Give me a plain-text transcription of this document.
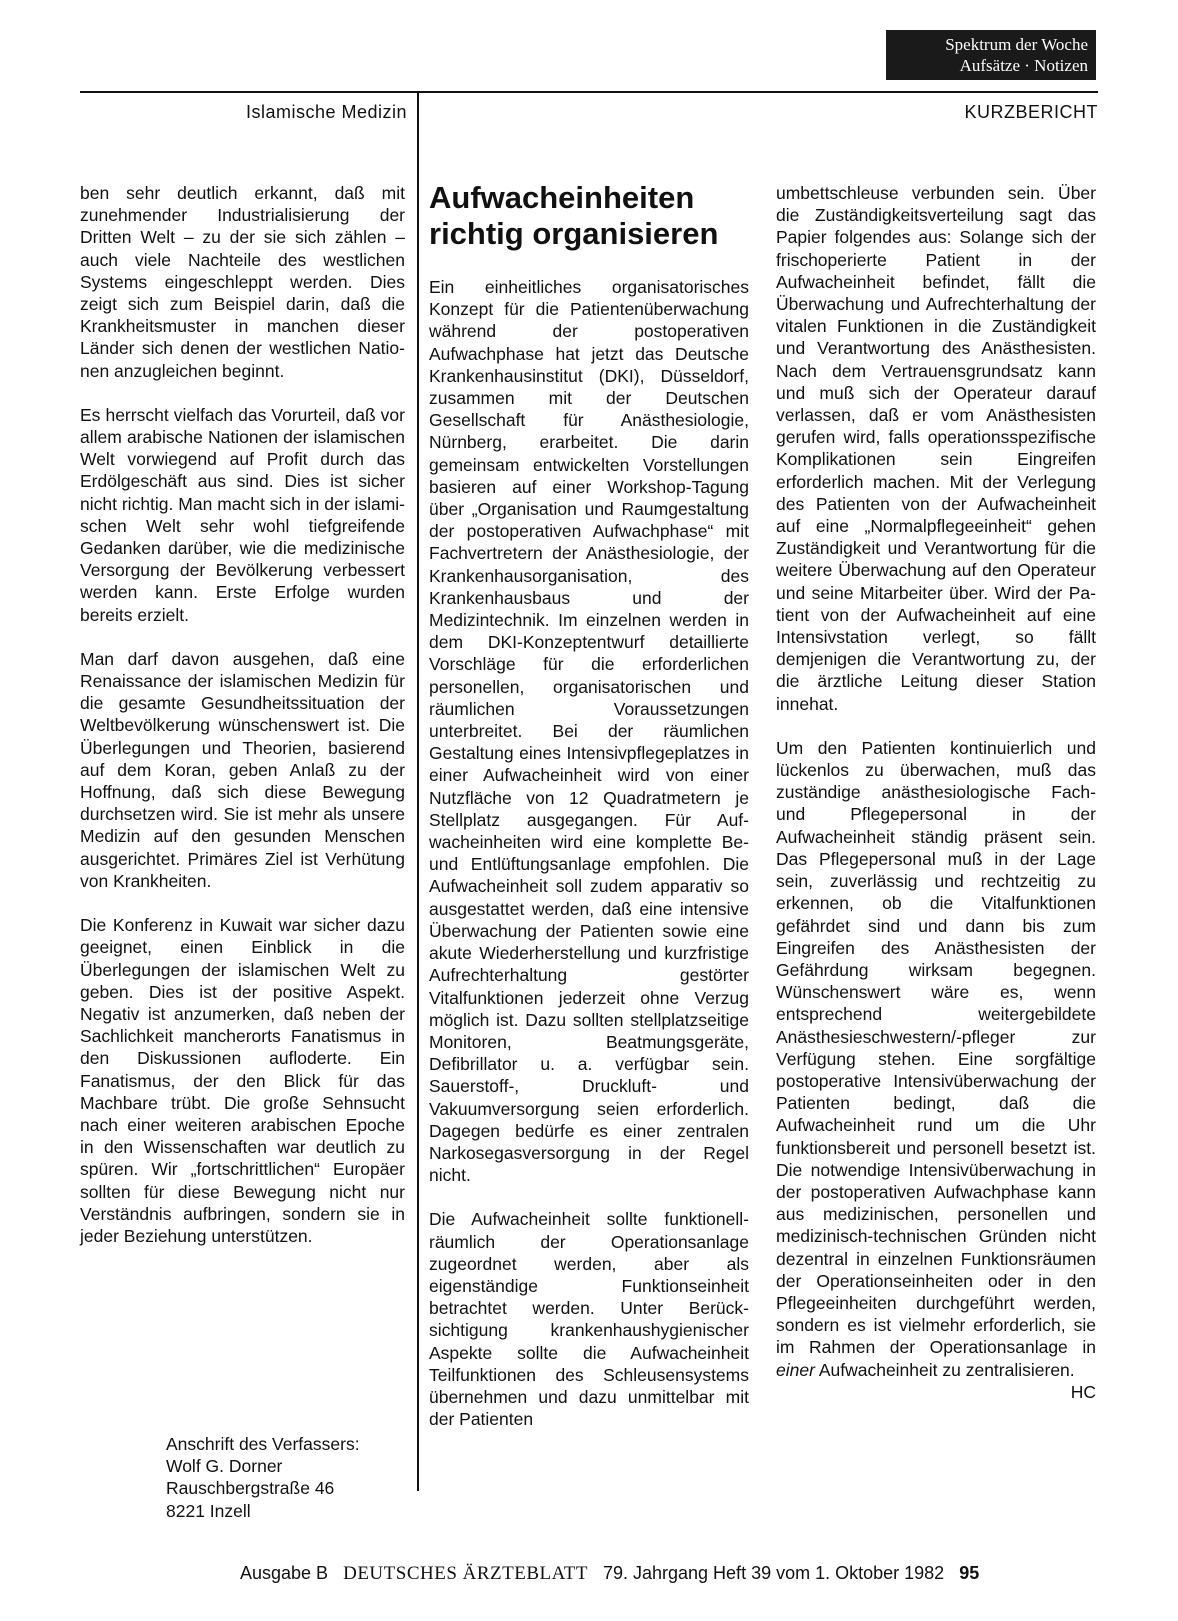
Spektrum der Woche
Aufsätze · Notizen
Islamische Medizin	KURZBERICHT

ben sehr deutlich erkannt, daß mit zunehmender Industrialisierung der Dritten Welt – zu der sie sich zählen – auch viele Nachteile des westlichen Systems eingeschleppt werden. Dies zeigt sich zum Beispiel darin, daß die Krankheitsmuster in manchen dieser Länder sich denen der westlichen Nationen anzugleichen beginnt.

Es herrscht vielfach das Vorurteil, daß vor allem arabische Nationen der islamischen Welt vorwiegend auf Profit durch das Erdölgeschäft aus sind. Dies ist sicher nicht richtig. Man macht sich in der islamischen Welt sehr wohl tiefgreifende Gedanken darüber, wie die medizinische Versorgung der Bevölkerung verbessert werden kann. Erste Erfolge wurden bereits erzielt.

Man darf davon ausgehen, daß eine Renaissance der islamischen Medizin für die gesamte Gesundheitssituation der Weltbevölkerung wünschenswert ist. Die Überlegungen und Theorien, basierend auf dem Koran, geben Anlaß zu der Hoffnung, daß sich diese Bewegung durchsetzen wird. Sie ist mehr als unsere Medizin auf den gesunden Menschen ausgerichtet. Primäres Ziel ist Verhütung von Krankheiten.

Die Konferenz in Kuwait war sicher dazu geeignet, einen Einblick in die Überlegungen der islamischen Welt zu geben. Dies ist der positive Aspekt. Negativ ist anzumerken, daß neben der Sachlichkeit mancherorts Fanatismus in den Diskussionen aufloderte. Ein Fanatismus, der den Blick für das Machbare trübt. Die große Sehnsucht nach einer weiteren arabischen Epoche in den Wissenschaften war deutlich zu spüren. Wir „fortschrittlichen“ Europäer sollten für diese Bewegung nicht nur Verständnis aufbringen, sondern sie in jeder Beziehung unterstützen.

Anschrift des Verfassers:
Wolf G. Dorner
Rauschbergstraße 46
8221 Inzell
Aufwacheinheiten richtig organisieren

Ein einheitliches organisatorisches Konzept für die Patientenüberwachung während der postoperativen Aufwachphase hat jetzt das Deutsche Krankenhausinstitut (DKI), Düsseldorf, zusammen mit der Deutschen Gesellschaft für Anästhesiologie, Nürnberg, erarbeitet. Die darin gemeinsam entwickelten Vorstellungen basieren auf einer Workshop-Tagung über „Organisation und Raumgestaltung der postoperativen Aufwachphase“ mit Fachvertretern der Anästhesiologie, der Krankenhausorganisation, des Krankenhausbaus und der Medizintechnik. Im einzelnen werden in dem DKI-Konzeptentwurf detaillierte Vorschläge für die erforderlichen personellen, organisatorischen und räumlichen Voraussetzungen unterbreitet. Bei der räumlichen Gestaltung eines Intensivpflegeplatzes in einer Aufwacheinheit wird von einer Nutzfläche von 12 Quadratmetern je Stellplatz ausgegangen. Für Aufwacheinheiten wird eine komplette Be- und Entlüftungsanlage empfohlen. Die Aufwacheinheit soll zudem apparativ so ausgestattet werden, daß eine intensive Überwachung der Patienten sowie eine akute Wiederherstellung und kurzfristige Aufrechterhaltung gestörter Vitalfunktionen jederzeit ohne Verzug möglich ist. Dazu sollten stellplatzseitige Monitoren, Beatmungsgeräte, Defibrillator u. a. verfügbar sein. Sauerstoff-, Druckluft- und Vakuumversorgung seien erforderlich. Dagegen bedürfe es einer zentralen Narkosegasversorgung in der Regel nicht.

Die Aufwacheinheit sollte funktionell-räumlich der Operationsanlage zugeordnet werden, aber als eigenständige Funktionseinheit betrachtet werden. Unter Berücksichtigung krankenhaushygienischer Aspekte sollte die Aufwacheinheit Teilfunktionen des Schleusensystems übernehmen und dazu unmittelbar mit der Patienten

umbettschleuse verbunden sein. Über die Zuständigkeitsverteilung sagt das Papier folgendes aus: Solange sich der frischoperierte Patient in der Aufwacheinheit befindet, fällt die Überwachung und Aufrechterhaltung der vitalen Funktionen in die Zuständigkeit und Verantwortung des Anästhesisten. Nach dem Vertrauensgrundsatz kann und muß sich der Operateur darauf verlassen, daß er vom Anästhesisten gerufen wird, falls operationsspezifische Komplikationen sein Eingreifen erforderlich machen. Mit der Verlegung des Patienten von der Aufwacheinheit auf eine „Normalpflegeeinheit“ gehen Zuständigkeit und Verantwortung für die weitere Überwachung auf den Operateur und seine Mitarbeiter über. Wird der Patient von der Aufwacheinheit auf eine Intensivstation verlegt, so fällt demjenigen die Verantwortung zu, der die ärztliche Leitung dieser Station innehat.

Um den Patienten kontinuierlich und lückenlos zu überwachen, muß das zuständige anästhesiologische Fach- und Pflegepersonal in der Aufwacheinheit ständig präsent sein. Das Pflegepersonal muß in der Lage sein, zuverlässig und rechtzeitig zu erkennen, ob die Vitalfunktionen gefährdet sind und dann bis zum Eingreifen des Anästhesisten der Gefährdung wirksam begegnen. Wünschenswert wäre es, wenn entsprechend weitergebildete Anästhesieschwestern/-pfleger zur Verfügung stehen. Eine sorgfältige postoperative Intensivüberwachung der Patienten bedingt, daß die Aufwacheinheit rund um die Uhr funktionsbereit und personell besetzt ist. Die notwendige Intensivüberwachung in der postoperativen Aufwachphase kann aus medizinischen, personellen und medizinisch-technischen Gründen nicht dezentral in einzelnen Funktionsräumen der Operationseinheiten oder in den Pflegeeinheiten durchgeführt werden, sondern es ist vielmehr erforderlich, sie im Rahmen der Operationsanlage in einer Aufwacheinheit zu zentralisieren.
HC

Ausgabe B DEUTSCHES ÄRZTEBLATT 79. Jahrgang Heft 39 vom 1. Oktober 1982 95
